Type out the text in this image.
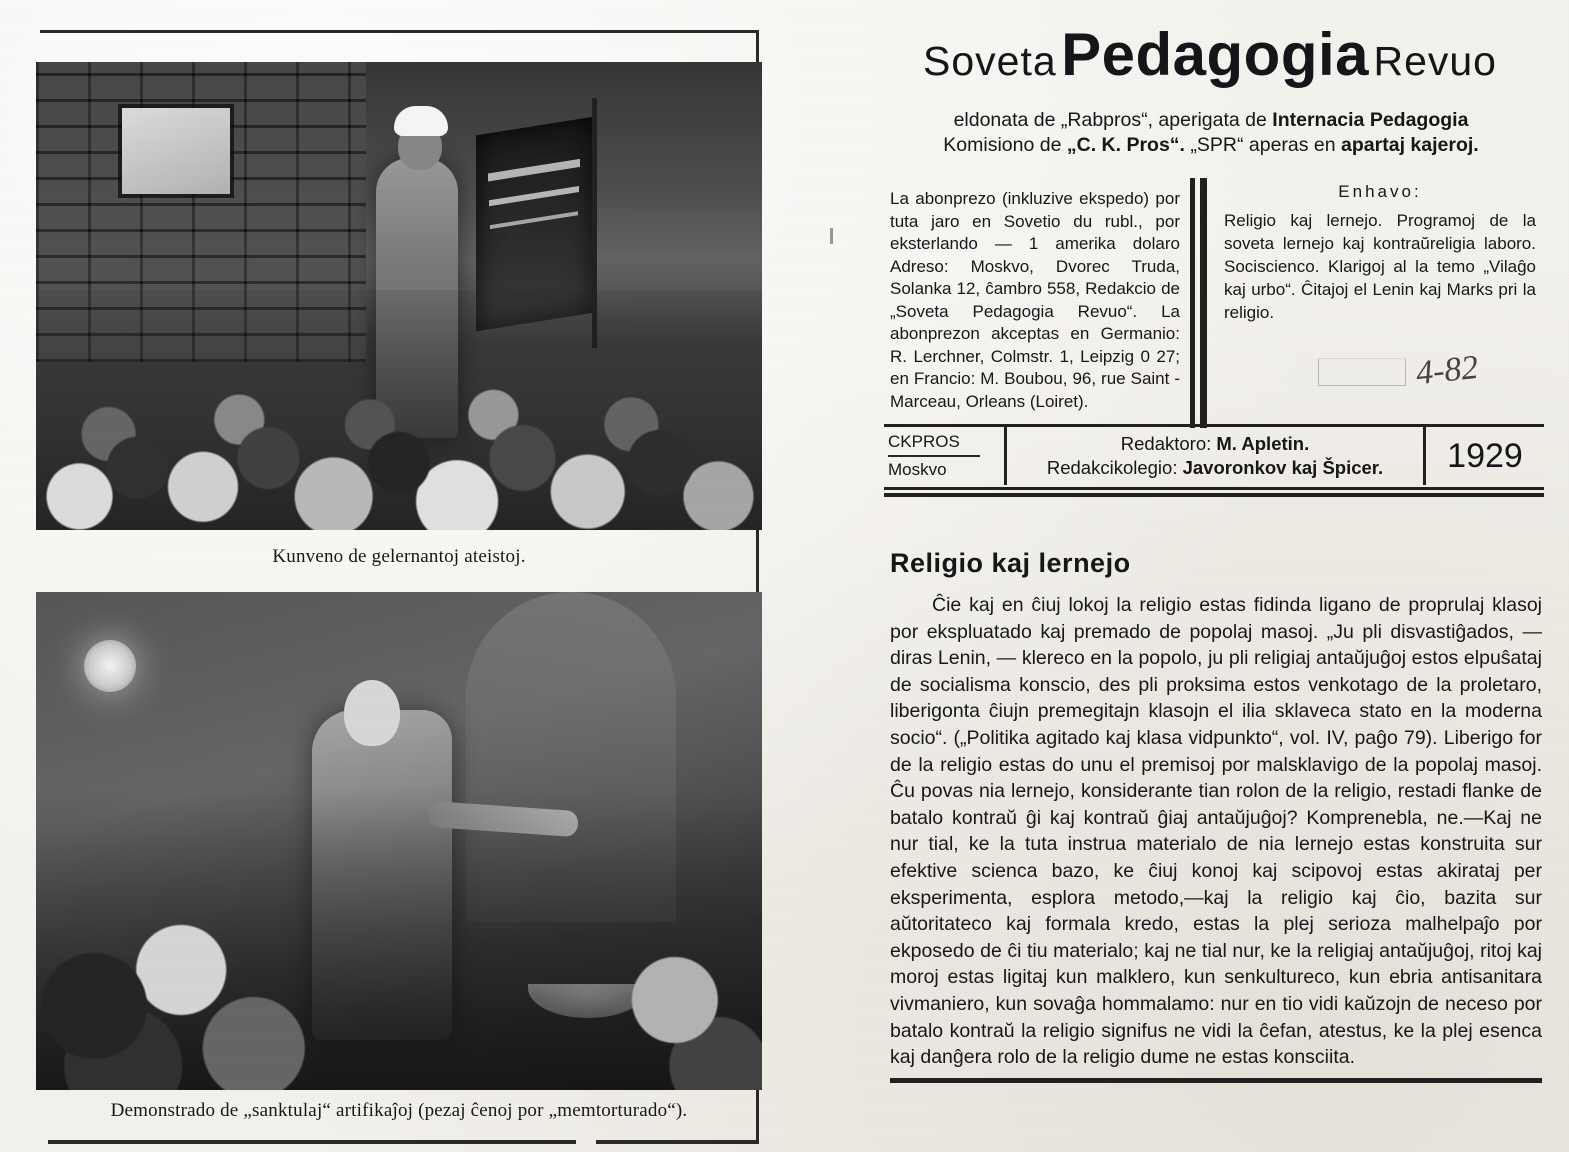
Kunveno de gelernantoj ateistoj.
Demonstrado de „sanktulaj“ artifikaĵoj (pezaj ĉenoj por „memtorturado“).
Soveta Pedagogia Revuo
eldonata de „Rabpros“, aperigata de Internacia Pedagogia
Komisiono de „C. K. Pros“. „SPR“ aperas en apartaj kajeroj.
La abonprezo (inkluzive ekspedo) por tuta jaro en Sovetio du rubl., por eksterlando — 1 amerika dolaro Adreso: Moskvo, Dvorec Truda, Solanka 12, ĉambro 558, Redakcio de „Soveta Pedagogia Revuo“. La abonprezon akceptas en Germanio: R. Lerchner, Colmstr. 1, Leipzig 0 27; en Francio: M. Boubou, 96, rue Saint - Marceau, Orleans (Loiret).
Enhavo:
Religio kaj lernejo. Programoj de la soveta lernejo kaj kontraŭreligia laboro. Sociscienco. Klarigoj al la temo „Vilaĝo kaj urbo“. Ĉitajoj el Lenin kaj Marks pri la religio.
4-82
CKPROS
Moskvo
Redaktoro: M. Apletin.
Redakcikolegio: Javoronkov kaj Špicer.	1929
Religio kaj lernejo
Ĉie kaj en ĉiuj lokoj la religio estas fidinda ligano de proprulaj klasoj por ekspluatado kaj premado de popolaj masoj. „Ju pli disvastiĝados, — diras Lenin, — klereco en la popolo, ju pli religiaj antaŭjuĝoj estos elpuŝataj de socialisma konscio, des pli proksima estos venkotago de la proletaro, liberigonta ĉiujn premegitajn klasojn el ilia sklaveca stato en la moderna socio“. („Politika agitado kaj klasa vidpunkto“, vol. IV, paĝo 79). Liberigo for de la religio estas do unu el premisoj por malsklavigo de la popolaj masoj. Ĉu povas nia lernejo, konsiderante tian rolon de la religio, restadi flanke de batalo kontraŭ ĝi kaj kontraŭ ĝiaj antaŭjuĝoj? Komprenebla, ne.—Kaj ne nur tial, ke la tuta instrua materialo de nia lernejo estas konstruita sur efektive scienca bazo, ke ĉiuj konoj kaj scipovoj estas akirataj per eksperimenta, esplora metodo,—kaj la religio kaj ĉio, bazita sur aŭtoritateco kaj formala kredo, estas la plej serioza malhelpaĵo por ekposedo de ĉi tiu materialo; kaj ne tial nur, ke la religiaj antaŭjuĝoj, ritoj kaj moroj estas ligitaj kun malklero, kun senkultureco, kun ebria antisanitara vivmaniero, kun sovaĝa hommalamo: nur en tio vidi kaŭzojn de neceso por batalo kontraŭ la religio signifus ne vidi la ĉefan, atestus, ke la plej esenca kaj danĝera rolo de la religio dume ne estas konsciita.
